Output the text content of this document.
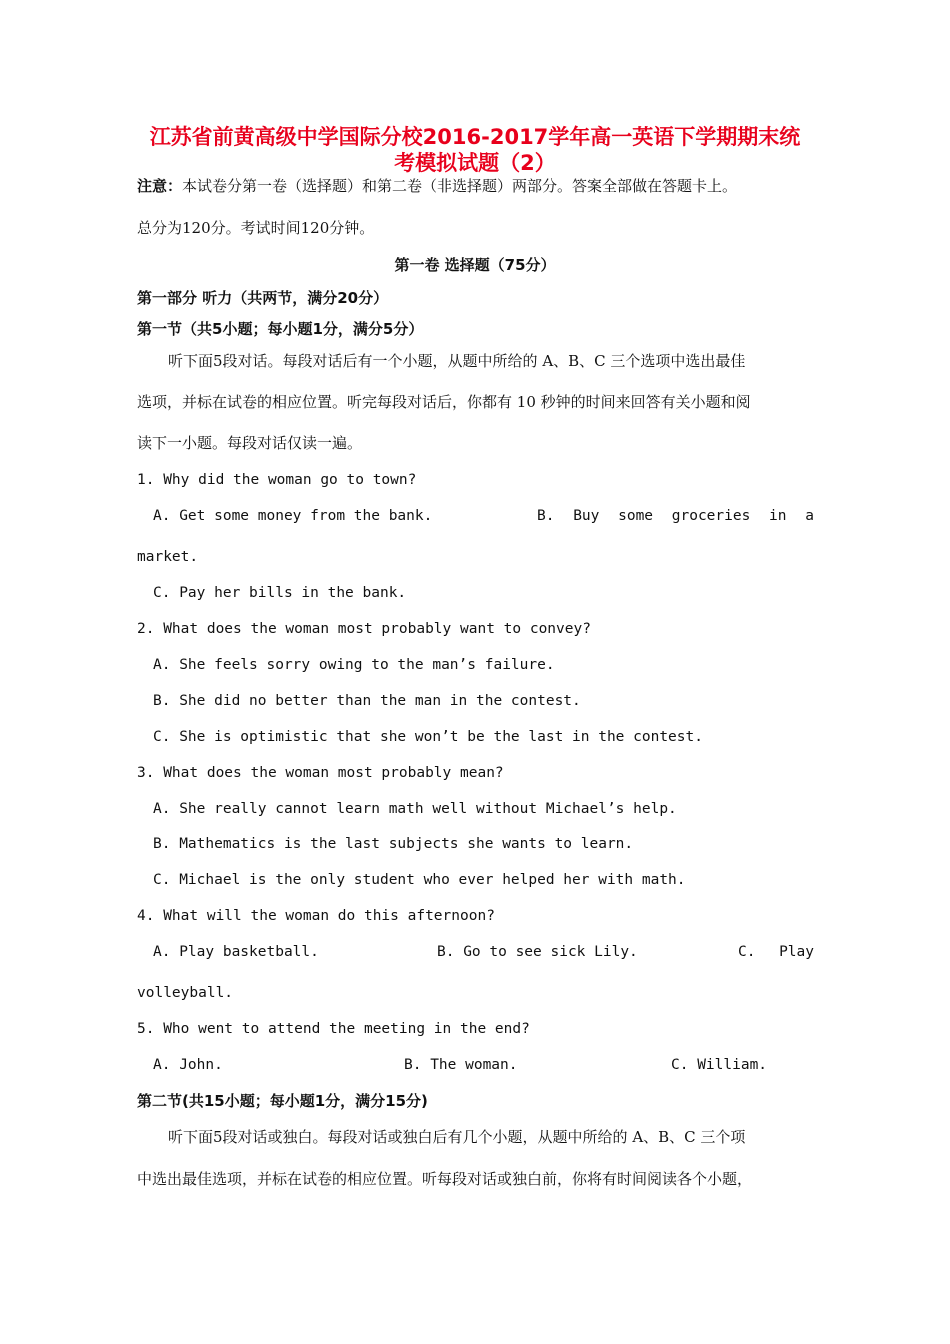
江苏省前黄高级中学国际分校2016-2017学年高一英语下学期期末统
考模拟试题（2）
注意：本试卷分第一卷（选择题）和第二卷（非选择题）两部分。答案全部做在答题卡上。
总分为120分。考试时间120分钟。
第一卷 选择题（75分）
第一部分 听力（共两节，满分20分）
第一节（共5小题；每小题1分，满分5分）
听下面5段对话。每段对话后有一个小题，从题中所给的 A、B、C 三个选项中选出最佳
选项，并标在试卷的相应位置。听完每段对话后，你都有 10 秒钟的时间来回答有关小题和阅
读下一小题。每段对话仅读一遍。
1. Why did the woman go to town?
A. Get some money from the bank.	B. Buy some groceries in a
market.
C. Pay her bills in the bank.
2. What does the woman most probably want to convey?
A. She feels sorry owing to the man’s failure.
B. She did no better than the man in the contest.
C. She is optimistic that she won’t be the last in the contest.
3. What does the woman most probably mean?
A. She really cannot learn math well without Michael’s help.
B. Mathematics is the last subjects she wants to learn.
C. Michael is the only student who ever helped her with math.
4. What will the woman do this afternoon?
A. Play basketball.	B. Go to see sick Lily.	C. Play
volleyball.
5. Who went to attend the meeting in the end?
A. John.	B. The woman.	C. William.
第二节(共15小题；每小题1分，满分15分)
听下面5段对话或独白。每段对话或独白后有几个小题，从题中所给的 A、B、C 三个项
中选出最佳选项，并标在试卷的相应位置。听每段对话或独白前，你将有时间阅读各个小题，
